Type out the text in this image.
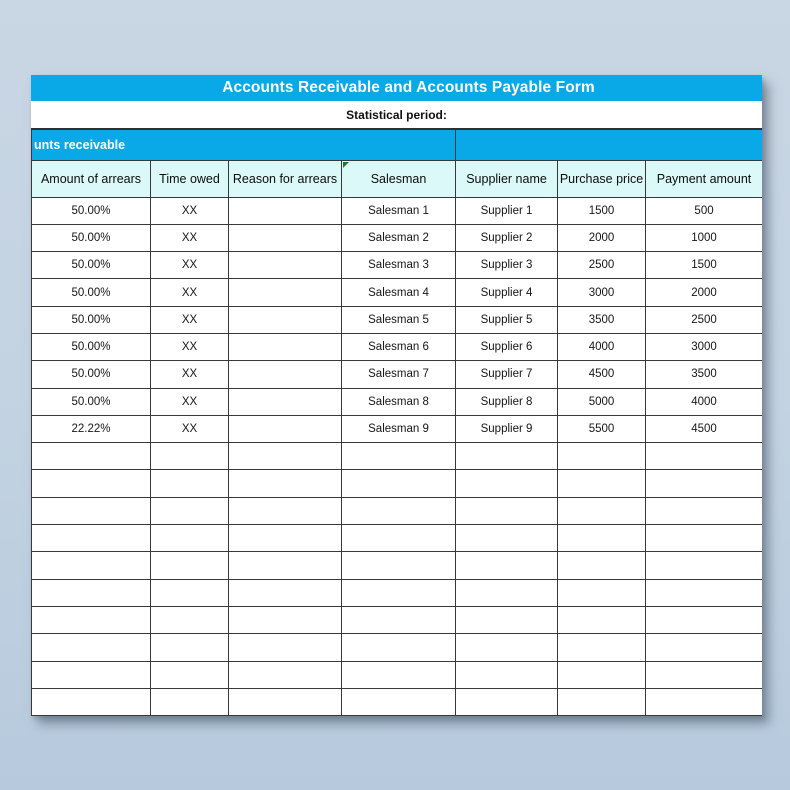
Accounts Receivable and Accounts Payable Form
Statistical period:
unts receivable						
Amount of arrears	Time owed	Reason for arrears	Salesman	Supplier name	Purchase price	Payment amount
50.00%	XX		Salesman 1	Supplier 1	1500	500
50.00%	XX		Salesman 2	Supplier 2	2000	1000
50.00%	XX		Salesman 3	Supplier 3	2500	1500
50.00%	XX		Salesman 4	Supplier 4	3000	2000
50.00%	XX		Salesman 5	Supplier 5	3500	2500
50.00%	XX		Salesman 6	Supplier 6	4000	3000
50.00%	XX		Salesman 7	Supplier 7	4500	3500
50.00%	XX		Salesman 8	Supplier 8	5000	4000
22.22%	XX		Salesman 9	Supplier 9	5500	4500
